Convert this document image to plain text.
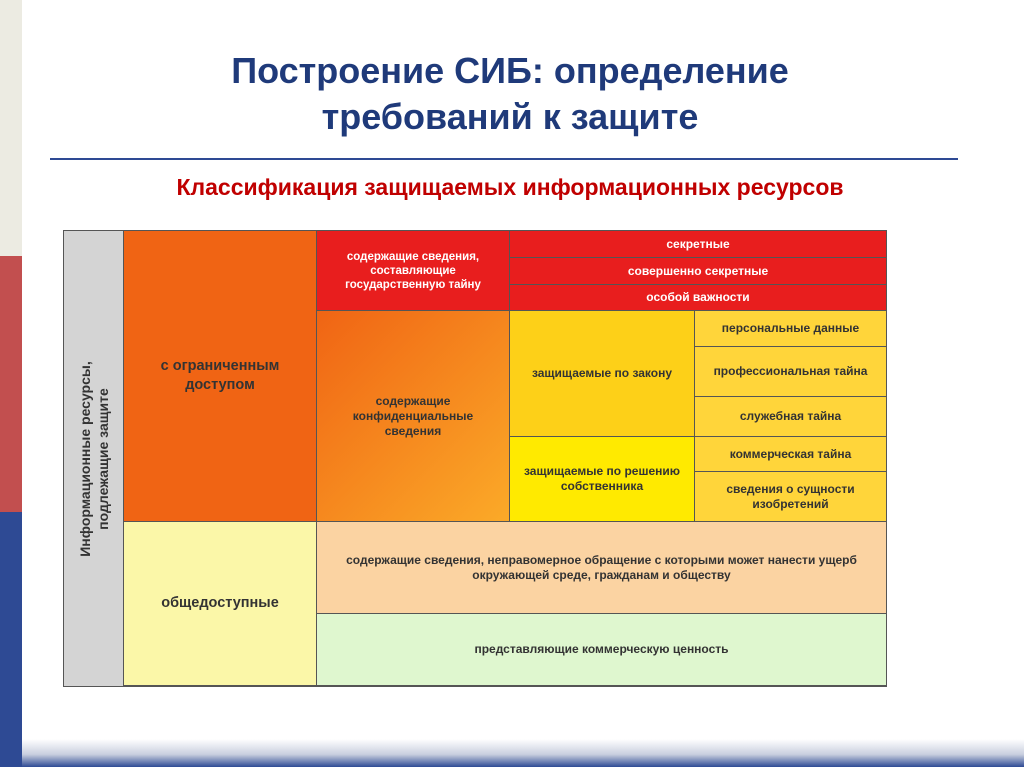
Построение СИБ: определение
требований к защите
Классификация защищаемых информационных ресурсов
Информационные ресурсы, подлежащие защите
с ограниченным доступом
общедоступные
содержащие сведения, составляющие государственную тайну
секретные
совершенно секретные
особой важности
содержащие конфиденциальные сведения
защищаемые по закону
защищаемые по решению собственника
персональные данные
профессиональная тайна
служебная тайна
коммерческая тайна
сведения о сущности изобретений
содержащие сведения, неправомерное обращение с которыми может нанести ущерб окружающей среде, гражданам и обществу
представляющие коммерческую ценность
